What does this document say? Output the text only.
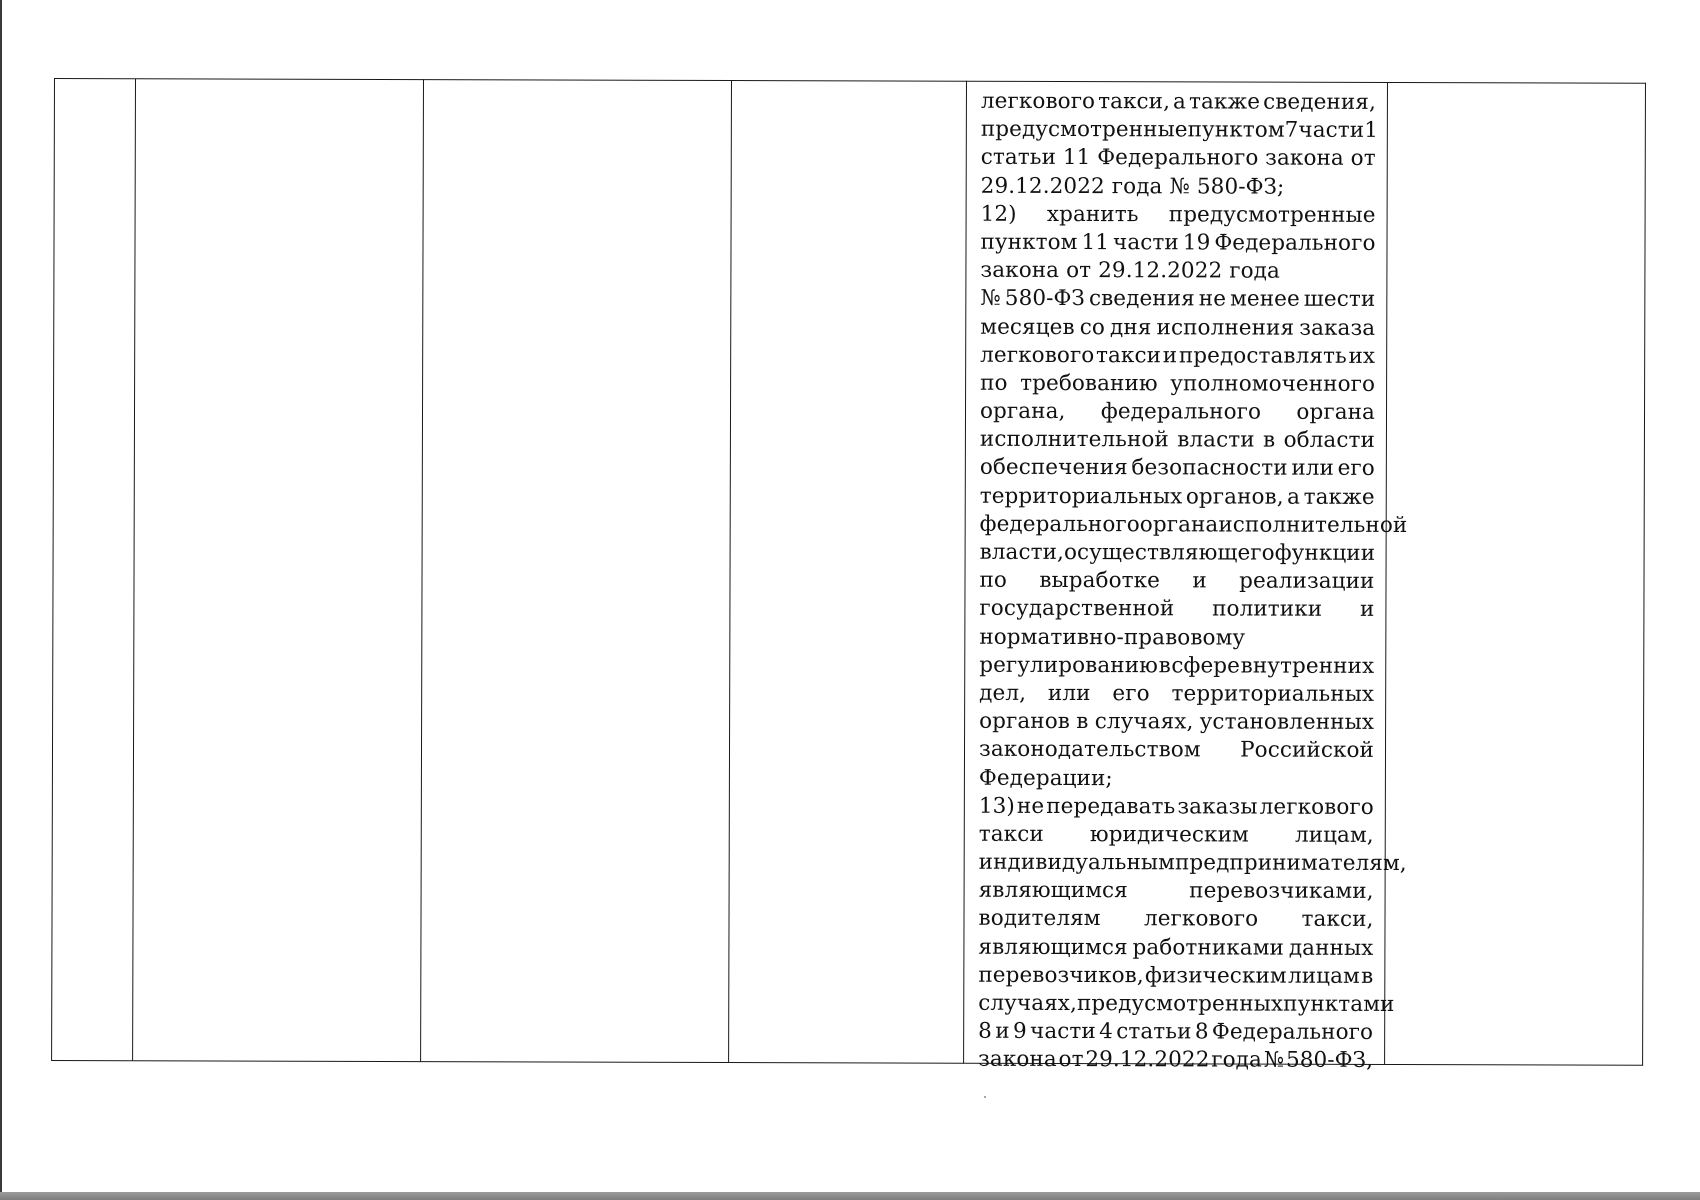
легкового такси, а также сведения,
предусмотренные пунктом 7 части 1
статьи 11 Федерального закона от
29.12.2022 года № 580-ФЗ;
12) хранить предусмотренные
пунктом 11 части 19 Федерального
закона от 29.12.2022 года
№ 580-ФЗ сведения не менее шести
месяцев со дня исполнения заказа
легкового такси и предоставлять их
по требованию уполномоченного
органа, федерального органа
исполнительной власти в области
обеспечения безопасности или его
территориальных органов, а также
федерального органа исполнительной
власти, осуществляющего функции
по выработке и реализации
государственной политики и
нормативно-правовому
регулированию в сфере внутренних
дел, или его территориальных
органов в случаях, установленных
законодательством Российской
Федерации;
13) не передавать заказы легкового
такси юридическим лицам,
индивидуальным предпринимателям,
являющимся	перевозчиками,
водителям легкового такси,
являющимся работниками данных
перевозчиков, физическим лицам в
случаях, предусмотренных пунктами
8 и 9 части 4 статьи 8 Федерального
закона от 29.12.2022 года № 580-ФЗ,
